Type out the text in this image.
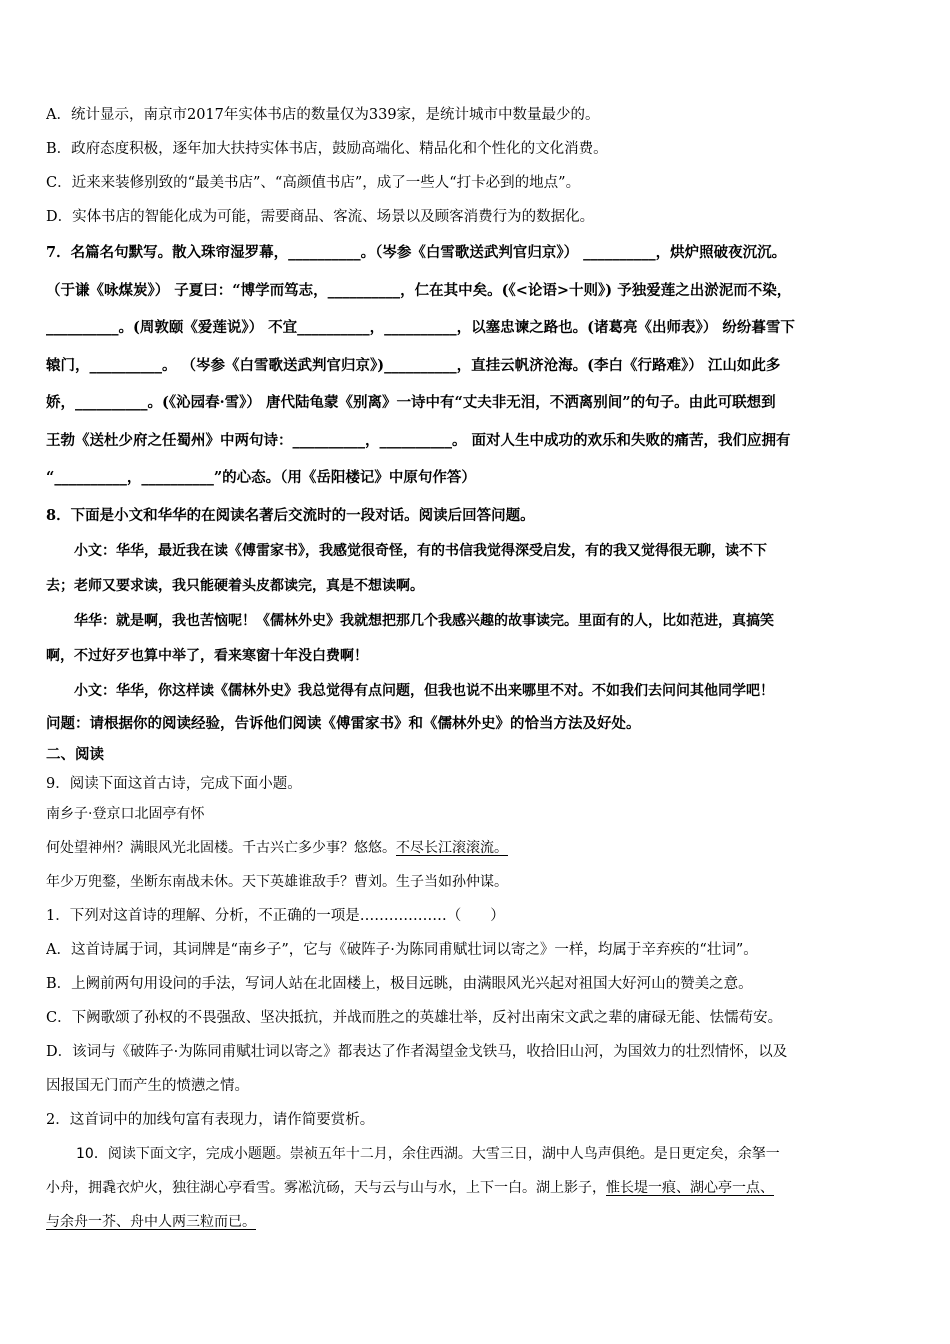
A．统计显示，南京市2017年实体书店的数量仅为339家，是统计城市中数量最少的。

B．政府态度积极，逐年加大扶持实体书店，鼓励高端化、精品化和个性化的文化消费。

C．近来来装修别致的“最美书店”、“高颜值书店”，成了一些人“打卡必到的地点”。

D．实体书店的智能化成为可能，需要商品、客流、场景以及顾客消费行为的数据化。

7．名篇名句默写。散入珠帘湿罗幕，__________。（岑参《白雪歌送武判官归京》） __________，烘炉照破夜沉沉。

（于谦《咏煤炭》） 子夏曰：“博学而笃志，__________，仁在其中矣。(《<论语>十则》) 予独爱莲之出淤泥而不染，

__________。(周敦颐《爱莲说》） 不宜__________，__________，以塞忠谏之路也。(诸葛亮《出师表》） 纷纷暮雪下

辕门，__________。 （岑参《白雪歌送武判官归京》)__________，直挂云帆济沧海。(李白《行路难》） 江山如此多

娇，__________。(《沁园春·雪》） 唐代陆龟蒙《别离》一诗中有“丈夫非无泪，不洒离别间”的句子。由此可联想到

王勃《送杜少府之任蜀州》中两句诗：__________，__________。 面对人生中成功的欢乐和失败的痛苦，我们应拥有

“__________，__________”的心态。（用《岳阳楼记》中原句作答）

8．下面是小文和华华的在阅读名著后交流时的一段对话。阅读后回答问题。

小文：华华，最近我在读《傅雷家书》，我感觉很奇怪，有的书信我觉得深受启发，有的我又觉得很无聊，读不下

去；老师又要求读，我只能硬着头皮都读完，真是不想读啊。

华华：就是啊，我也苦恼呢！《儒林外史》我就想把那几个我感兴趣的故事读完。里面有的人，比如范进，真搞笑

啊，不过好歹也算中举了，看来寒窗十年没白费啊！

小文：华华，你这样读《儒林外史》我总觉得有点问题，但我也说不出来哪里不对。不如我们去问问其他同学吧！

问题：请根据你的阅读经验，告诉他们阅读《傅雷家书》和《儒林外史》的恰当方法及好处。

二、阅读

9．阅读下面这首古诗，完成下面小题。

南乡子·登京口北固亭有怀

何处望神州？满眼风光北固楼。千古兴亡多少事？悠悠。不尽长江滚滚流。

年少万兜鍪，坐断东南战未休。天下英雄谁敌手？曹刘。生子当如孙仲谋。

1．下列对这首诗的理解、分析，不正确的一项是………………（　　）

A．这首诗属于词，其词牌是“南乡子”，它与《破阵子·为陈同甫赋壮词以寄之》一样，均属于辛弃疾的“壮词”。

B．上阙前两句用设问的手法，写词人站在北固楼上，极目远眺，由满眼风光兴起对祖国大好河山的赞美之意。

C．下阙歌颂了孙权的不畏强敌、坚决抵抗，并战而胜之的英雄壮举，反衬出南宋文武之辈的庸碌无能、怯懦苟安。

D．该词与《破阵子·为陈同甫赋壮词以寄之》都表达了作者渴望金戈铁马，收拾旧山河，为国效力的壮烈情怀，以及

因报国无门而产生的愤懑之情。

2．这首词中的加线句富有表现力，请作简要赏析。

10．阅读下面文字，完成小题题。崇祯五年十二月，余住西湖。大雪三日，湖中人鸟声俱绝。是日更定矣，余拏一

小舟，拥毳衣炉火，独往湖心亭看雪。雾凇沆砀，天与云与山与水，上下一白。湖上影子，惟长堤一痕、湖心亭一点、

与余舟一芥、舟中人两三粒而已。
